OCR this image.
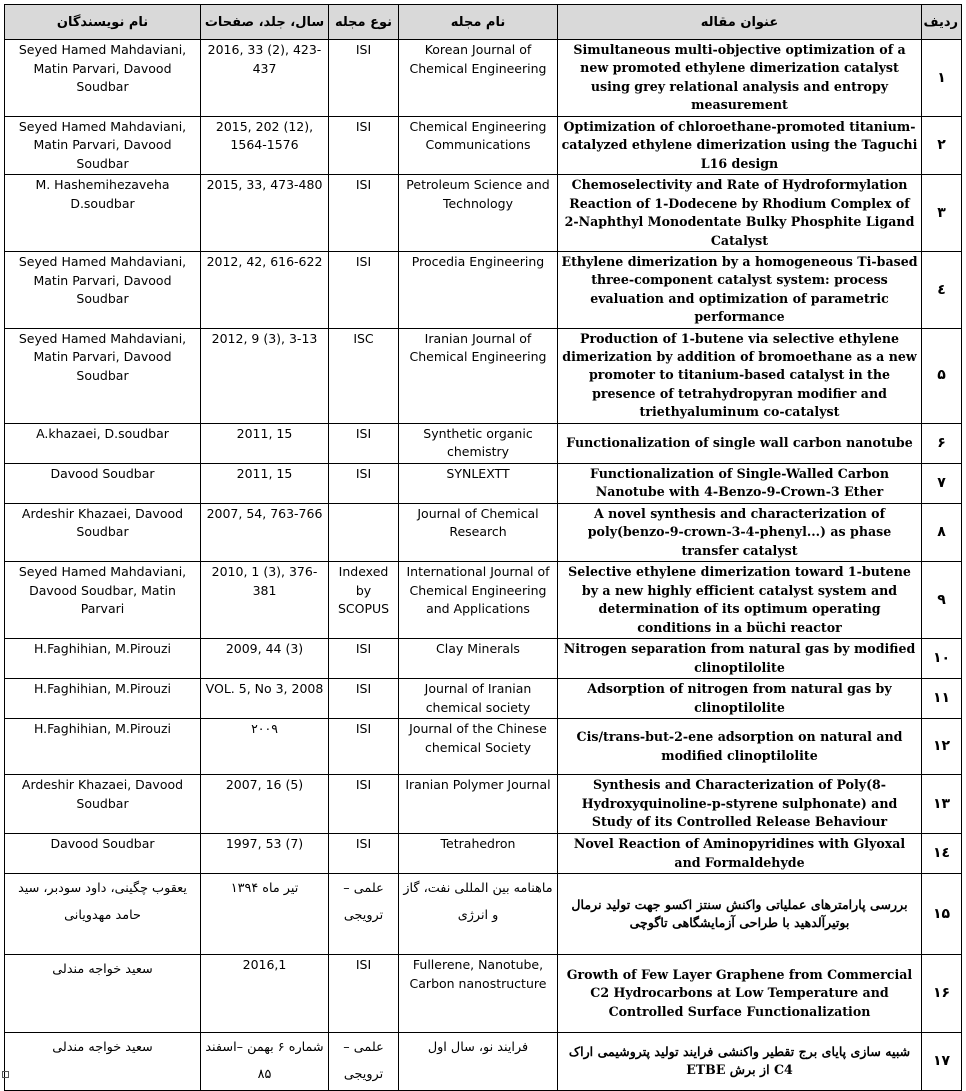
ردیف	عنوان مقاله	نام مجله	نوع مجله	سال، جلد، صفحات	نام نویسندگان
۱	Simultaneous multi-objective optimization of a new promoted ethylene dimerization catalyst using grey relational analysis and entropy measurement	Korean Journal of Chemical Engineering	ISI	2016, 33 (2), 423-437	Seyed Hamed Mahdaviani, Matin Parvari, Davood Soudbar

۲	Optimization of chloroethane-promoted titanium-catalyzed ethylene dimerization using the Taguchi L16 design	Chemical Engineering Communications	ISI	2015, 202 (12), 1564-1576	Seyed Hamed Mahdaviani, Matin Parvari, Davood Soudbar

۳	Chemoselectivity and Rate of Hydroformylation Reaction of 1-Dodecene by Rhodium Complex of 2-Naphthyl Monodentate Bulky Phosphite Ligand Catalyst	Petroleum Science and Technology	ISI	2015, 33, 473-480	M. Hashemihezaveha D.soudbar

٤	Ethylene dimerization by a homogeneous Ti-based three-component catalyst system: process evaluation and optimization of parametric performance	Procedia Engineering	ISI	2012, 42, 616-622	Seyed Hamed Mahdaviani, Matin Parvari, Davood Soudbar

۵	Production of 1-butene via selective ethylene dimerization by addition of bromoethane as a new promoter to titanium-based catalyst in the presence of tetrahydropyran modifier and triethyaluminum co-catalyst	Iranian Journal of Chemical Engineering	ISC	2012, 9 (3), 3-13	Seyed Hamed Mahdaviani, Matin Parvari, Davood Soudbar

۶	Functionalization of single wall carbon nanotube	Synthetic organic chemistry	ISI	2011, 15	A.khazaei, D.soudbar

۷	Functionalization of Single-Walled Carbon Nanotube with 4-Benzo-9-Crown-3 Ether	SYNLEXTT	ISI	2011, 15	Davood Soudbar

۸	A novel synthesis and characterization of poly(benzo-9-crown-3-4-phenyl...) as phase transfer catalyst	Journal of Chemical Research		2007, 54, 763-766	Ardeshir Khazaei, Davood Soudbar

۹	Selective ethylene dimerization toward 1-butene by a new highly efficient catalyst system and determination of its optimum operating conditions in a büchi reactor	International Journal of Chemical Engineering and Applications	Indexed by SCOPUS	2010, 1 (3), 376-381	Seyed Hamed Mahdaviani, Davood Soudbar, Matin Parvari

۱۰	Nitrogen separation from natural gas by modified clinoptilolite	Clay Minerals	ISI	2009, 44 (3)	H.Faghihian, M.Pirouzi

۱۱	Adsorption of nitrogen from natural gas by clinoptilolite	Journal of Iranian chemical society	ISI	VOL. 5, No 3, 2008	H.Faghihian, M.Pirouzi

۱۲	Cis/trans-but-2-ene adsorption on natural and modified clinoptilolite	Journal of the Chinese chemical Society	ISI	۲۰۰۹	H.Faghihian, M.Pirouzi

۱۳	Synthesis and Characterization of Poly(8-Hydroxyquinoline-p-styrene sulphonate) and Study of its Controlled Release Behaviour	Iranian Polymer Journal	ISI	2007, 16 (5)	Ardeshir Khazaei, Davood Soudbar

۱٤	Novel Reaction of Aminopyridines with Glyoxal and Formaldehyde	Tetrahedron	ISI	1997, 53 (7)	Davood Soudbar

۱۵	بررسی پارامترهای عملیاتی واکنش سنتز اکسو جهت تولید نرمال بوتیرآلدهید با طراحی آزمایشگاهی تاگوچی	ماهنامه بین المللی نفت، گاز و انرژی	علمی – ترویجی	تیر ماه ۱۳۹۴	یعقوب چگینی، داود سودبر، سید حامد مهدویانی
۱۶	Growth of Few Layer Graphene from Commercial C2 Hydrocarbons at Low Temperature and Controlled Surface Functionalization	Fullerene, Nanotube, Carbon nanostructure	ISI	2016,1	سعید خواجه مندلی
۱۷	شبیه سازی پایای برج تقطیر واکنشی فرایند تولید پتروشیمی اراک C4 از برش ETBE	فرایند نو، سال اول	علمی – ترویجی	شماره ۶ بهمن –اسفند ۸۵	سعید خواجه مندلی
